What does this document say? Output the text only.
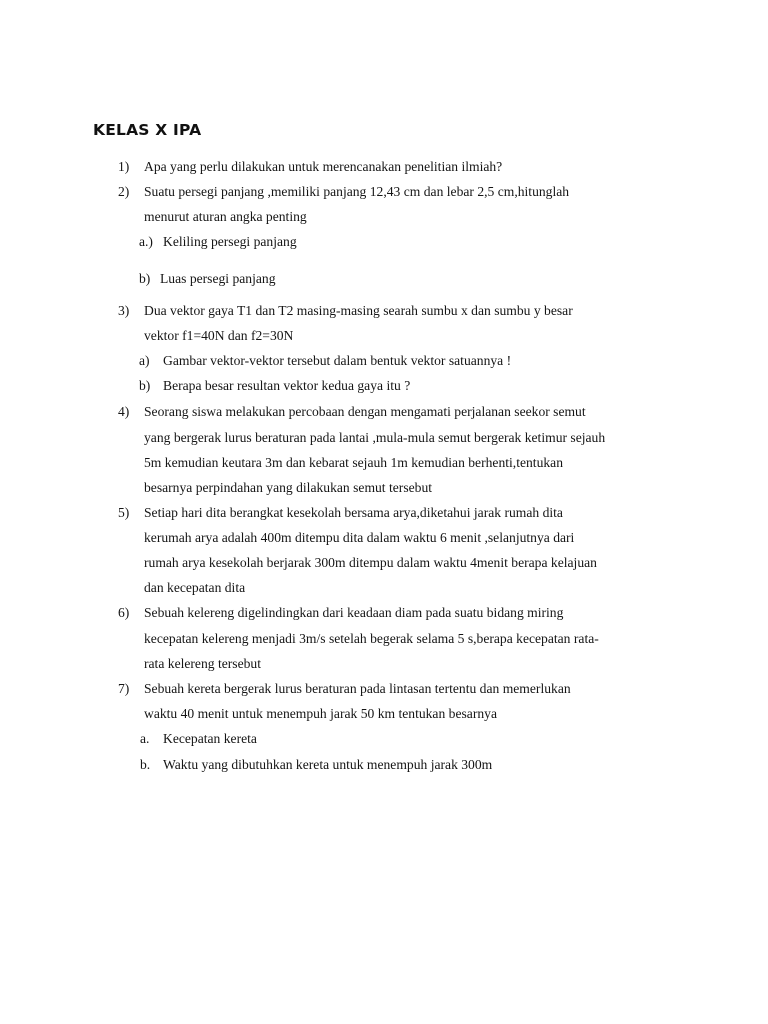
KELAS X IPA
1) Apa yang perlu dilakukan untuk merencanakan penelitian ilmiah?
2) Suatu persegi panjang ,memiliki panjang 12,43 cm dan lebar 2,5 cm,hitunglah
menurut aturan angka penting
a.) Keliling persegi panjang
b) Luas persegi panjang
3) Dua vektor gaya T1 dan T2 masing-masing searah sumbu x dan sumbu y besar
vektor f1=40N dan f2=30N
a) Gambar vektor-vektor tersebut dalam bentuk vektor satuannya !
b) Berapa besar resultan vektor kedua gaya itu ?
4) Seorang siswa melakukan percobaan dengan mengamati perjalanan seekor semut
yang bergerak lurus beraturan pada lantai ,mula-mula semut bergerak ketimur sejauh
5m kemudian keutara 3m dan kebarat sejauh 1m kemudian berhenti,tentukan
besarnya perpindahan yang dilakukan semut tersebut
5) Setiap hari dita berangkat kesekolah bersama arya,diketahui jarak rumah dita
kerumah arya adalah 400m ditempu dita dalam waktu 6 menit ,selanjutnya dari
rumah arya kesekolah berjarak 300m ditempu dalam waktu 4menit berapa kelajuan
dan kecepatan dita
6) Sebuah kelereng digelindingkan dari keadaan diam pada suatu bidang miring
kecepatan kelereng menjadi 3m/s setelah begerak selama 5 s,berapa kecepatan rata-
rata kelereng tersebut
7) Sebuah kereta bergerak lurus beraturan pada lintasan tertentu dan memerlukan
waktu 40 menit untuk menempuh jarak 50 km tentukan besarnya
a. Kecepatan kereta
b. Waktu yang dibutuhkan kereta untuk menempuh jarak 300m
